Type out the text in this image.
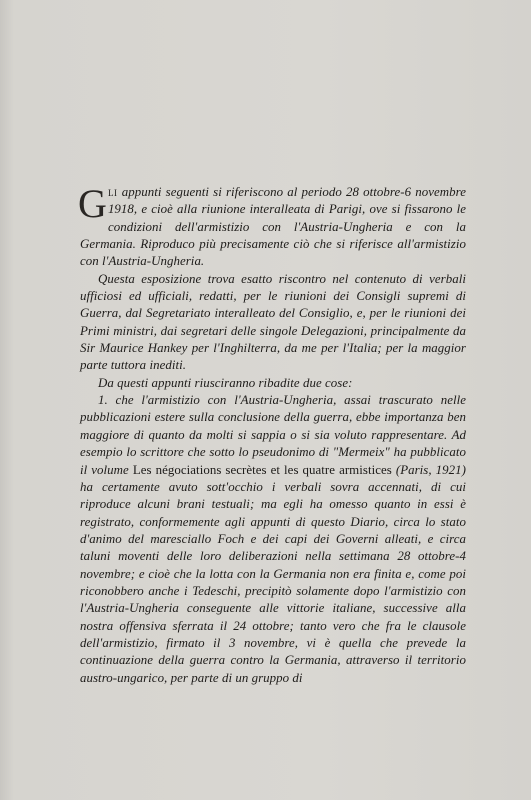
Gli appunti seguenti si riferiscono al periodo 28 ottobre-6 novembre 1918, e cioè alla riunione interalleata di Parigi, ove si fissarono le condizioni dell'armistizio con l'Austria-Ungheria e con la Germania. Riproduco più precisamente ciò che si riferisce all'armistizio con l'Austria-Ungheria.

Questa esposizione trova esatto riscontro nel contenuto di verbali ufficiosi ed ufficiali, redatti, per le riunioni dei Consigli supremi di Guerra, dal Segretariato interalleato del Consiglio, e, per le riunioni dei Primi ministri, dai segretari delle singole Delegazioni, principalmente da Sir Maurice Hankey per l'Inghilterra, da me per l'Italia; per la maggior parte tuttora inediti.

Da questi appunti riusciranno ribadite due cose:

1. che l'armistizio con l'Austria-Ungheria, assai trascurato nelle pubblicazioni estere sulla conclusione della guerra, ebbe importanza ben maggiore di quanto da molti si sappia o si sia voluto rappresentare. Ad esempio lo scrittore che sotto lo pseudonimo di "Mermeix" ha pubblicato il volume Les négociations secrètes et les quatre armistices (Paris, 1921) ha certamente avuto sott'occhio i verbali sovra accennati, di cui riproduce alcuni brani testuali; ma egli ha omesso quanto in essi è registrato, conformemente agli appunti di questo Diario, circa lo stato d'animo del maresciallo Foch e dei capi dei Governi alleati, e circa taluni moventi delle loro deliberazioni nella settimana 28 ottobre-4 novembre; e cioè che la lotta con la Germania non era finita e, come poi riconobbero anche i Tedeschi, precipitò solamente dopo l'armistizio con l'Austria-Ungheria conseguente alle vittorie italiane, successive alla nostra offensiva sferrata il 24 ottobre; tanto vero che fra le clausole dell'armistizio, firmato il 3 novembre, vi è quella che prevede la continuazione della guerra contro la Germania, attraverso il territorio austro-ungarico, per parte di un gruppo di
